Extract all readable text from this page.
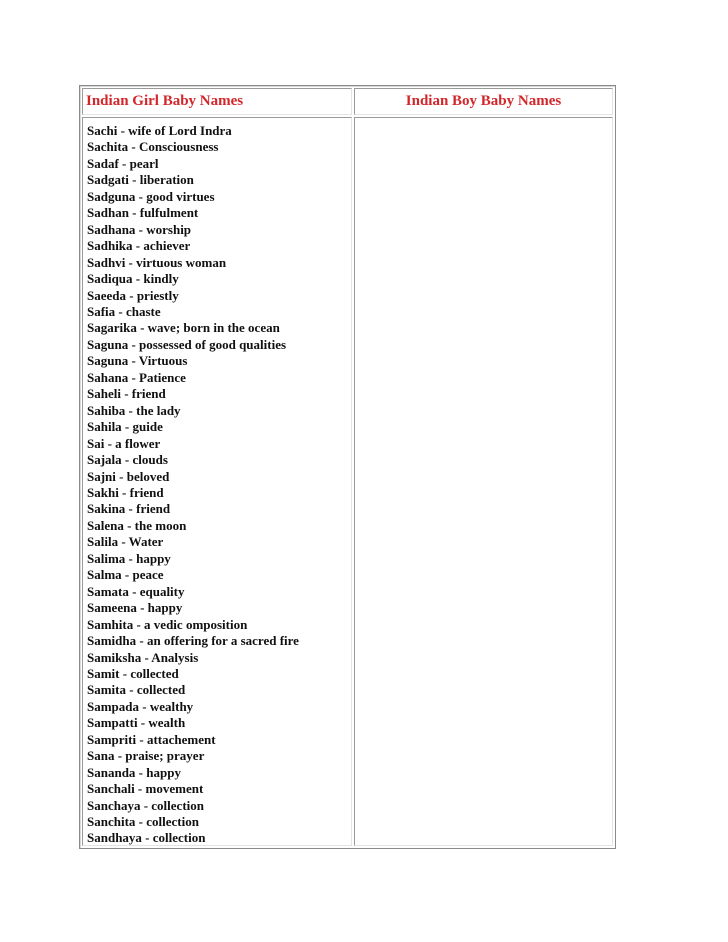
Indian Girl Baby Names	Indian Boy Baby Names
Sachi - wife of Lord Indra
Sachita - Consciousness
Sadaf - pearl
Sadgati - liberation
Sadguna - good virtues
Sadhan - fulfulment
Sadhana - worship
Sadhika - achiever
Sadhvi - virtuous woman
Sadiqua - kindly
Saeeda - priestly
Safia - chaste
Sagarika - wave; born in the ocean
Saguna - possessed of good qualities
Saguna - Virtuous
Sahana - Patience
Saheli - friend
Sahiba - the lady
Sahila - guide
Sai - a flower
Sajala - clouds
Sajni - beloved
Sakhi - friend
Sakina - friend
Salena - the moon
Salila - Water
Salima - happy
Salma - peace
Samata - equality
Sameena - happy
Samhita - a vedic omposition
Samidha - an offering for a sacred fire
Samiksha - Analysis
Samit - collected
Samita - collected
Sampada - wealthy
Sampatti - wealth
Sampriti - attachement
Sana - praise; prayer
Sananda - happy
Sanchali - movement
Sanchaya - collection
Sanchita - collection
Sandhaya - collection
